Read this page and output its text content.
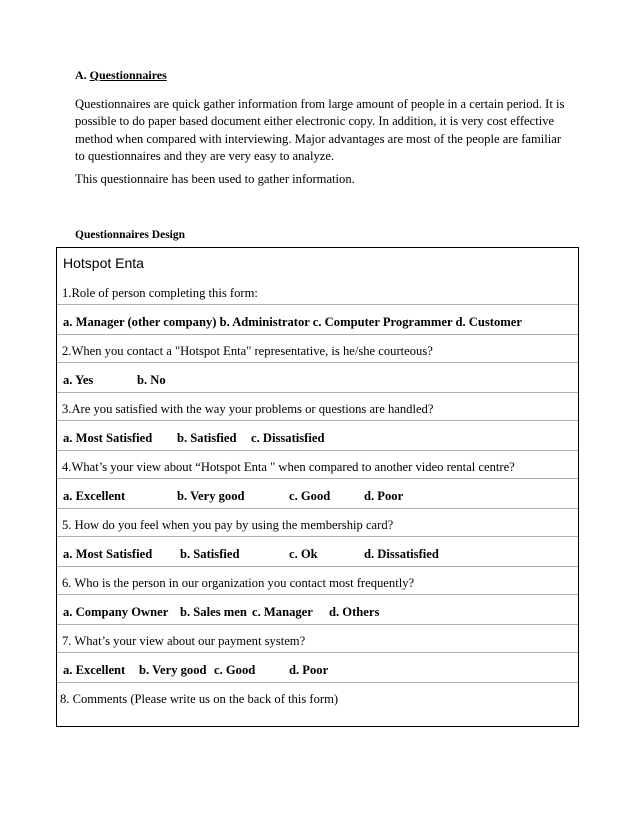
A. Questionnaires

Questionnaires are quick gather information from large amount of people in a certain period. It is

possible to do paper based document either electronic copy. In addition, it is very cost effective

method when compared with interviewing. Major advantages are most of the people are familiar

to questionnaires and they are very easy to analyze.

This questionnaire has been used to gather information.
Questionnaires Design
Hotspot Enta
1.Role of person completing this form:
a. Manager (other company) b. Administrator c. Computer Programmer d. Customer
2.When you contact a "Hotspot Enta" representative, is he/she courteous?
a. Yes	b. No
3.Are you satisfied with the way your problems or questions are handled?
a. Most Satisfied b. Satisfied c. Dissatisfied
4.What’s your view about “Hotspot Enta " when compared to another video rental centre?
a. Excellent	b. Very good	c. Good	d. Poor
5. How do you feel when you pay by using the membership card?
a. Most Satisfied b. Satisfied	c. Ok	d. Dissatisfied
6. Who is the person in our organization you contact most frequently?
a. Company Owner b. Sales men c. Manager d. Others
7. What’s your view about our payment system?
a. Excellent b. Very good c. Good	d. Poor
8. Comments (Please write us on the back of this form)
